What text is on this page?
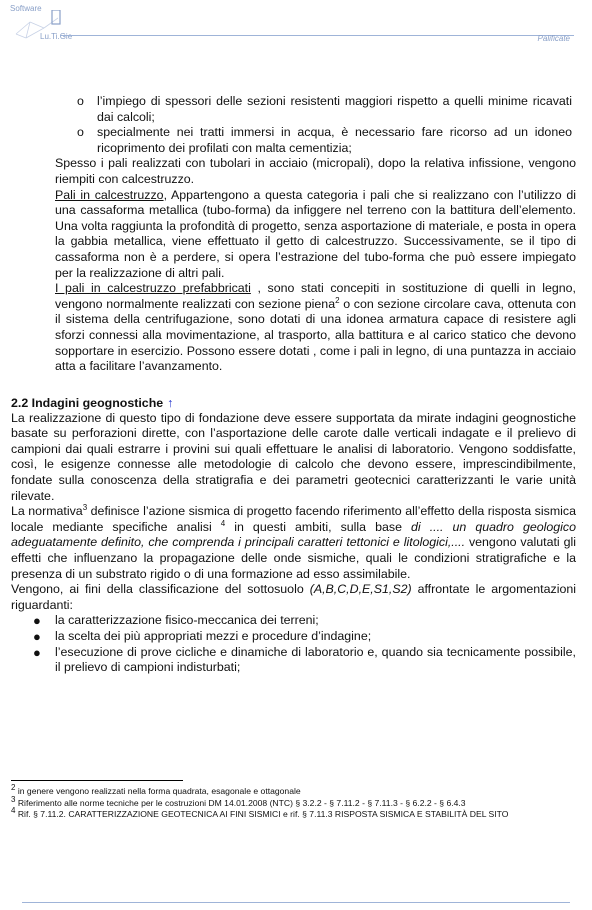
Software
Lu.Ti.Gie	Palificate

o l’impiego di spessori delle sezioni resistenti maggiori rispetto a quelli minime ricavati dai calcoli;

o specialmente nei tratti immersi in acqua, è necessario fare ricorso ad un idoneo ricoprimento dei profilati con malta cementizia;

Spesso i pali realizzati con tubolari in acciaio (micropali), dopo la relativa infissione, vengono riempiti con calcestruzzo.

Pali in calcestruzzo, Appartengono a questa categoria i pali che si realizzano con l’utilizzo di una cassaforma metallica (tubo-forma) da infiggere nel terreno con la battitura dell’elemento. Una volta raggiunta la profondità di progetto, senza asportazione di materiale, e posta in opera la gabbia metallica, viene effettuato il getto di calcestruzzo. Successivamente, se il tipo di cassaforma non è a perdere, si opera l’estrazione del tubo-forma che può essere impiegato per la realizzazione di altri pali.

I pali in calcestruzzo prefabbricati , sono stati concepiti in sostituzione di quelli in legno, vengono normalmente realizzati con sezione piena$^2$ o con sezione circolare cava, ottenuta con il sistema della centrifugazione, sono dotati di una idonea armatura capace di resistere agli sforzi connessi alla movimentazione, al trasporto, alla battitura e al carico statico che devono sopportare in esercizio. Possono essere dotati , come i pali in legno, di una puntazza in acciaio atta a facilitare l’avanzamento.

2.2 Indagini geognostiche ↑

La realizzazione di questo tipo di fondazione deve essere supportata da mirate indagini geognostiche basate su perforazioni dirette, con l’asportazione delle carote dalle verticali indagate e il prelievo di campioni dai quali estrarre i provini sui quali effettuare le analisi di laboratorio. Vengono soddisfatte, così, le esigenze connesse alle metodologie di calcolo che devono essere, imprescindibilmente, fondate sulla conoscenza della stratigrafia e dei parametri geotecnici caratterizzanti le varie unità rilevate.

La normativa$^3$ definisce l’azione sismica di progetto facendo riferimento all’effetto della risposta sismica locale mediante specifiche analisi $^4$ in questi ambiti, sulla base di .... un quadro geologico adeguatamente definito, che comprenda i principali caratteri tettonici e litologici,.... vengono valutati gli effetti che influenzano la propagazione delle onde sismiche, quali le condizioni stratigrafiche e la presenza di un substrato rigido o di una formazione ad esso assimilabile.

Vengono, ai fini della classificazione del sottosuolo (A,B,C,D,E,S1,S2) affrontate le argomentazioni riguardanti:

● la caratterizzazione fisico-meccanica dei terreni;

● la scelta dei più appropriati mezzi e procedure d’indagine;

● l’esecuzione di prove cicliche e dinamiche di laboratorio e, quando sia tecnicamente possibile, il prelievo di campioni indisturbati;

$^2$ in genere vengono realizzati nella forma quadrata, esagonale e ottagonale

$^3$ Riferimento alle norme tecniche per le costruzioni DM 14.01.2008 (NTC) § 3.2.2 - § 7.11.2 - § 7.11.3 - § 6.2.2 - § 6.4.3

$^4$ Rif. § 7.11.2. CARATTERIZZAZIONE GEOTECNICA AI FINI SISMICI e rif. § 7.11.3 RISPOSTA SISMICA E STABILITÀ DEL SITO
